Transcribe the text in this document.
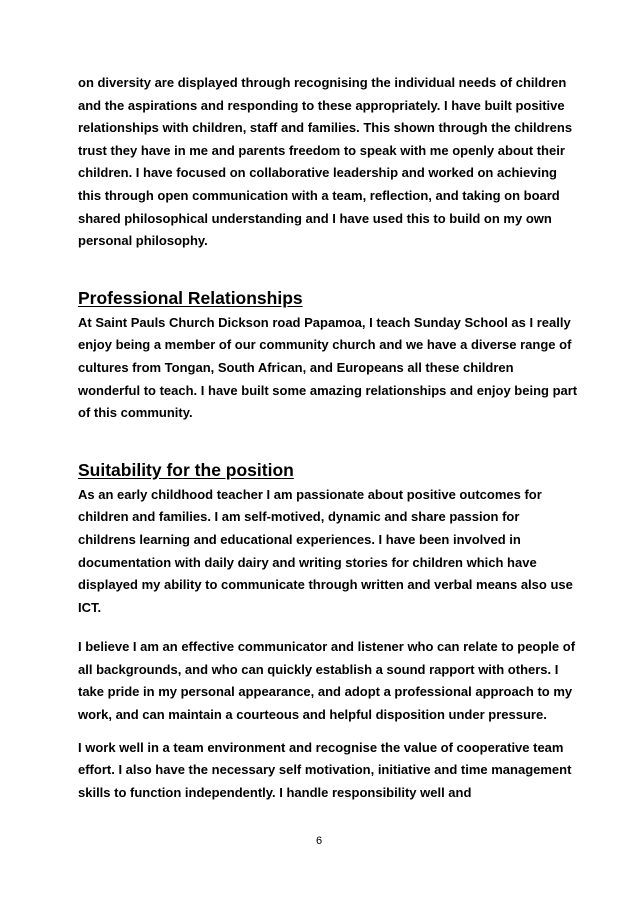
on diversity are displayed through recognising the individual needs of children and the aspirations and responding to these appropriately. I have built positive relationships with children, staff and families. This shown through the childrens trust they have in me and parents freedom to speak with me openly about their children. I have focused on collaborative leadership and worked on achieving this through open communication with a team, reflection, and taking on board shared philosophical understanding and I have used this to build on my own personal philosophy.

Professional Relationships

At Saint Pauls Church Dickson road Papamoa, I teach Sunday School as I really enjoy being a member of our community church and we have a diverse range of cultures from Tongan, South African, and Europeans all these children wonderful to teach. I have built some amazing relationships and enjoy being part of this community.

Suitability for the position

As an early childhood teacher I am passionate about positive outcomes for children and families. I am self-motived, dynamic and share passion for childrens learning and educational experiences. I have been involved in documentation with daily dairy and writing stories for children which have displayed my ability to communicate through written and verbal means also use ICT.

I believe I am an effective communicator and listener who can relate to people of all backgrounds, and who can quickly establish a sound rapport with others. I take pride in my personal appearance, and adopt a professional approach to my work, and can maintain a courteous and helpful disposition under pressure.

I work well in a team environment and recognise the value of cooperative team effort. I also have the necessary self motivation, initiative and time management skills to function independently. I handle responsibility well and

6
